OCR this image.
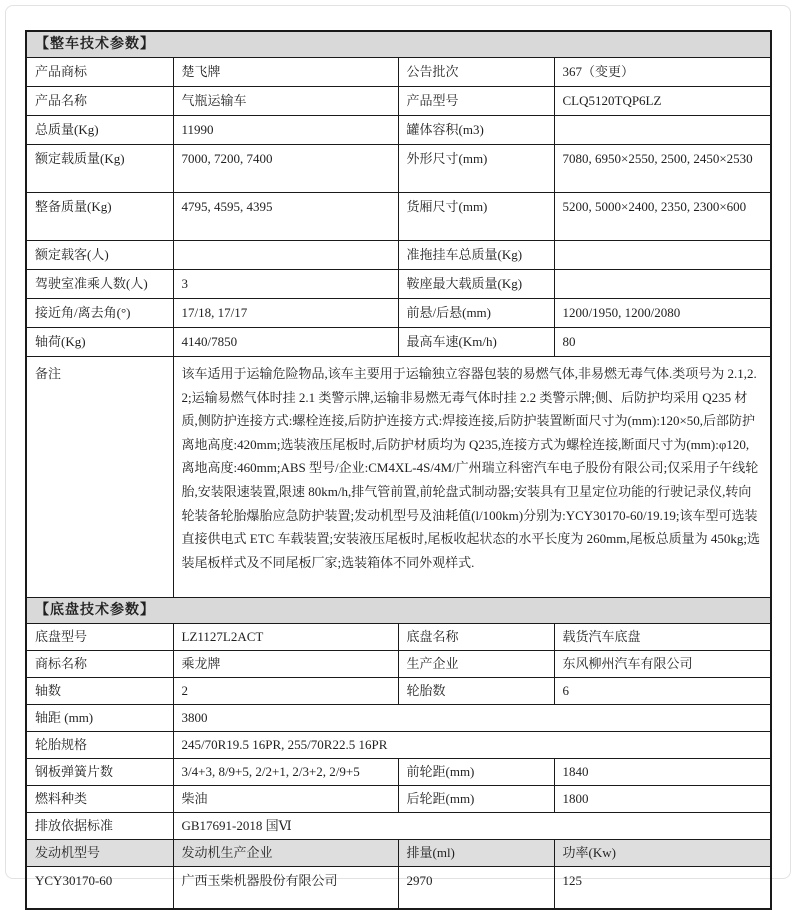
【整车技术参数】			
产品商标	楚飞牌	公告批次	367（变更）
产品名称	气瓶运输车	产品型号	CLQ5120TQP6LZ
总质量(Kg)	11990	罐体容积(m3)	
额定载质量(Kg)	7000, 7200, 7400	外形尺寸(mm)	7080, 6950×2550, 2500, 2450×2530
整备质量(Kg)	4795, 4595, 4395	货厢尺寸(mm)	5200, 5000×2400, 2350, 2300×600
额定载客(人)		准拖挂车总质量(Kg)	
驾驶室准乘人数(人)	3	鞍座最大载质量(Kg)	
接近角/离去角(°)	17/18, 17/17	前悬/后悬(mm)	1200/1950, 1200/2080
轴荷(Kg)	4140/7850	最高车速(Km/h)	80
备注	该车适用于运输危险物品,该车主要用于运输独立容器包装的易燃气体,非易燃无毒气体.类项号为 2.1,2.2;运输易燃气体时挂 2.1 类警示牌,运输非易燃无毒气体时挂 2.2 类警示牌;侧、后防护均采用 Q235 材质,侧防护连接方式:螺栓连接,后防护连接方式:焊接连接,后防护装置断面尺寸为(mm):120×50,后部防护离地高度:420mm;选装液压尾板时,后防护材质均为 Q235,连接方式为螺栓连接,断面尺寸为(mm):φ120,离地高度:460mm;ABS 型号/企业:CM4XL-4S/4M/广州瑞立科密汽车电子股份有限公司;仅采用子午线轮胎,安装限速装置,限速 80km/h,排气管前置,前轮盘式制动器;安装具有卫星定位功能的行驶记录仪,转向轮装备轮胎爆胎应急防护装置;发动机型号及油耗值(l/100km)分别为:YCY30170-60/19.19;该车型可选装直接供电式 ETC 车载装置;安装液压尾板时,尾板收起状态的水平长度为 260mm,尾板总质量为 450kg;选装尾板样式及不同尾板厂家;选装箱体不同外观样式.		
【底盘技术参数】			
底盘型号	LZ1127L2ACT	底盘名称	载货汽车底盘
商标名称	乘龙牌	生产企业	东风柳州汽车有限公司
轴数	2	轮胎数	6
轴距 (mm)	3800		
轮胎规格	245/70R19.5 16PR, 255/70R22.5 16PR		
钢板弹簧片数	3/4+3, 8/9+5, 2/2+1, 2/3+2, 2/9+5	前轮距(mm)	1840
燃料种类	柴油	后轮距(mm)	1800
排放依据标准	GB17691-2018 国Ⅵ		
发动机型号	发动机生产企业	排量(ml)	功率(Kw)
YCY30170-60	广西玉柴机器股份有限公司	2970	125
